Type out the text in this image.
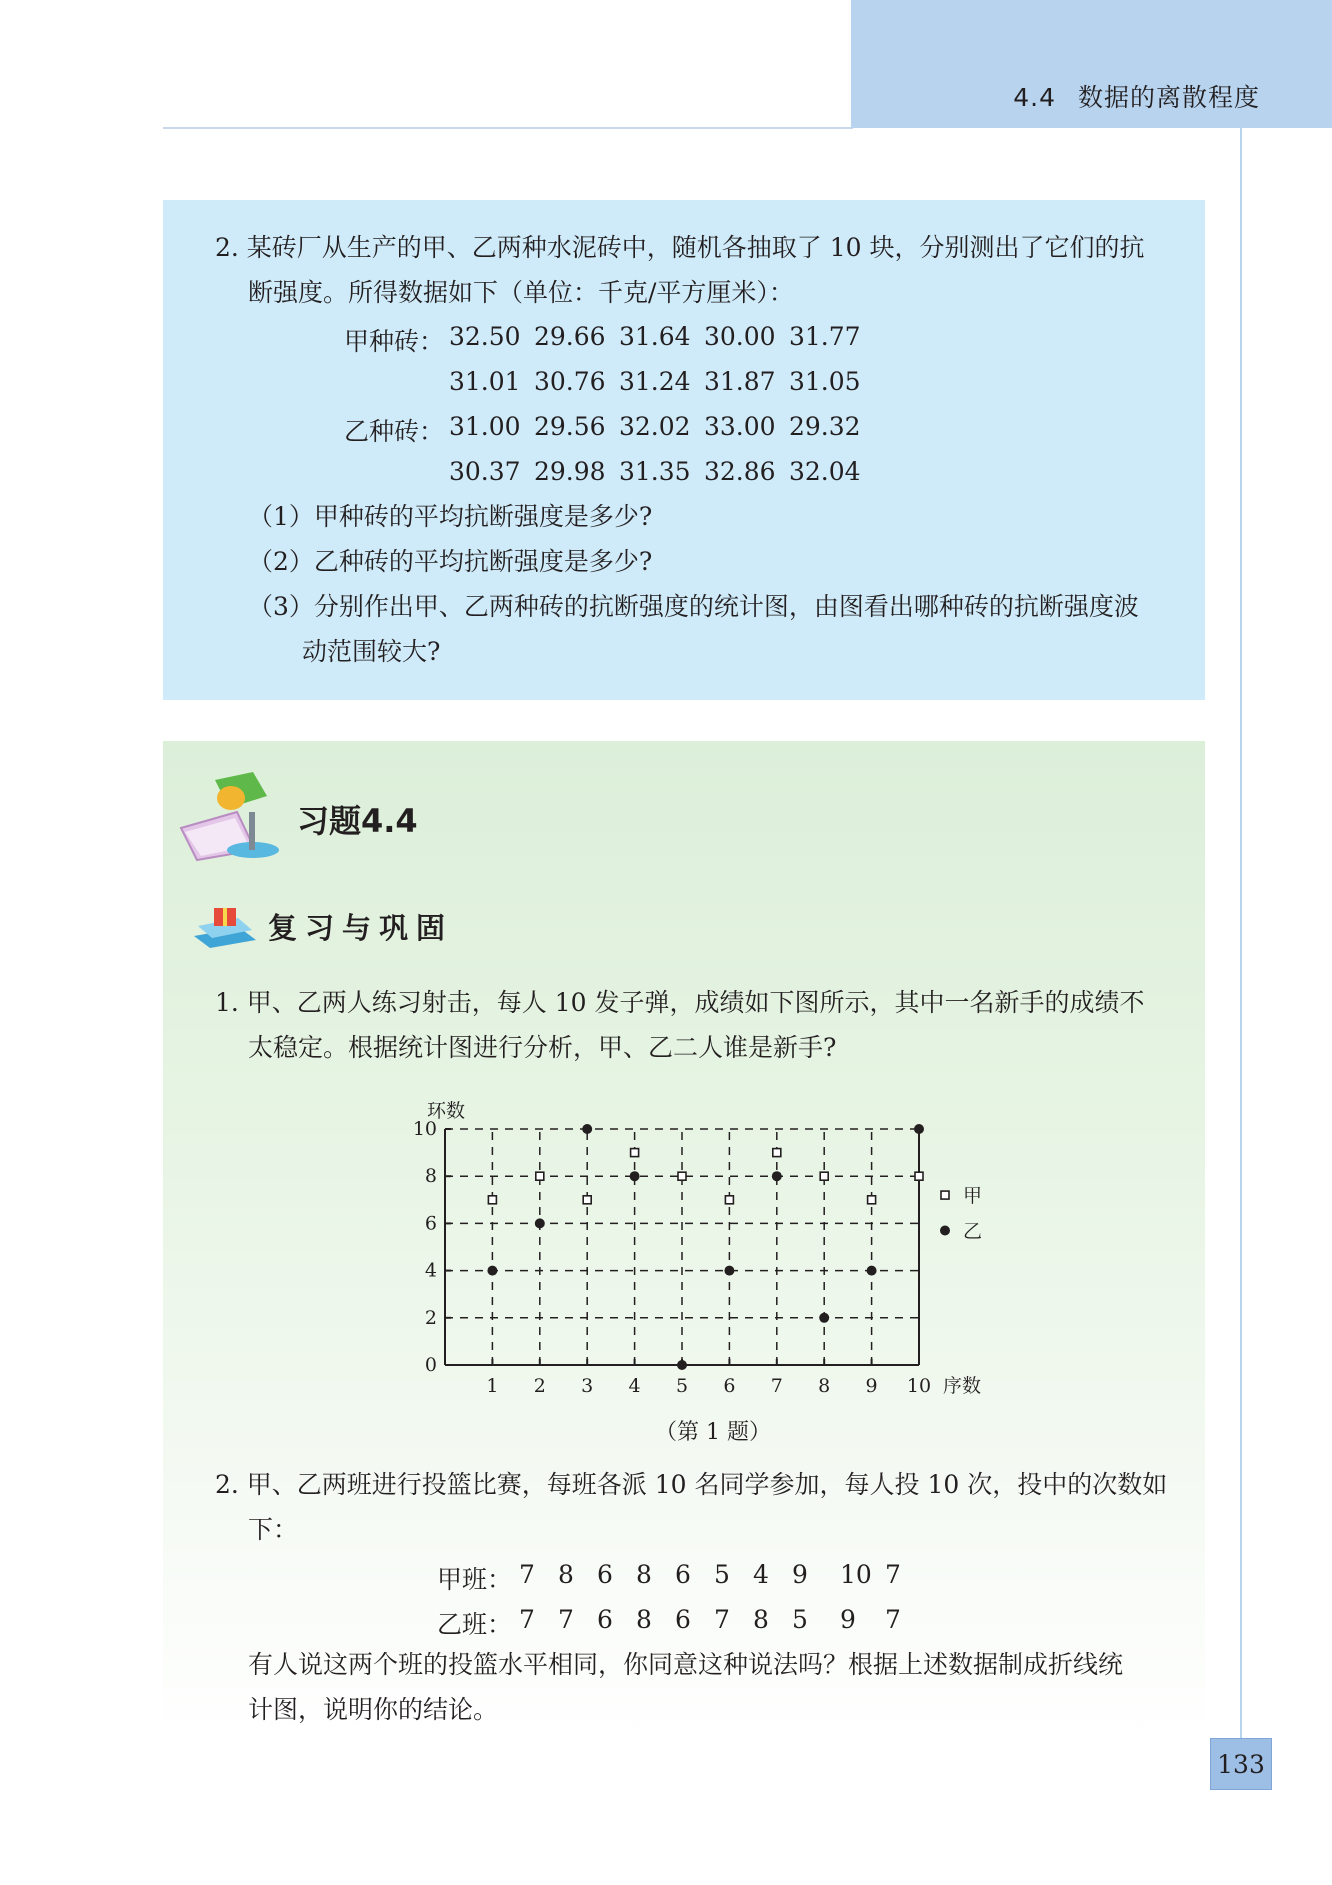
4.4 数据的离散程度
2. 某砖厂从生产的甲、乙两种水泥砖中，随机各抽取了 10 块，分别测出了它们的抗
断强度。所得数据如下（单位：千克/平方厘米）：
甲种砖：
乙种砖：
32.50 29.66 31.64 30.00 31.77
31.01 30.76 31.24 31.87 31.05
31.00 29.56 32.02 33.00 29.32
30.37 29.98 31.35 32.86 32.04
（1）甲种砖的平均抗断强度是多少?
（2）乙种砖的平均抗断强度是多少?
（3）分别作出甲、乙两种砖的抗断强度的统计图，由图看出哪种砖的抗断强度波
动范围较大?
习题4.4
复习与巩固
1. 甲、乙两人练习射击，每人 10 发子弹，成绩如下图所示，其中一名新手的成绩不
太稳定。根据统计图进行分析，甲、乙二人谁是新手?
1 2 3 4 5 6 7 8 9 10
0
2
4
6
8
10
序数
环数
甲
乙
（第 1 题）
2. 甲、乙两班进行投篮比赛，每班各派 10 名同学参加，每人投 10 次，投中的次数如
下：
甲班：
乙班：
7 8 6 8 6 5 4 9 10 7
7 7 6 8 6 7 8 5 9 7
有人说这两个班的投篮水平相同，你同意这种说法吗？根据上述数据制成折线统
计图，说明你的结论。
133
